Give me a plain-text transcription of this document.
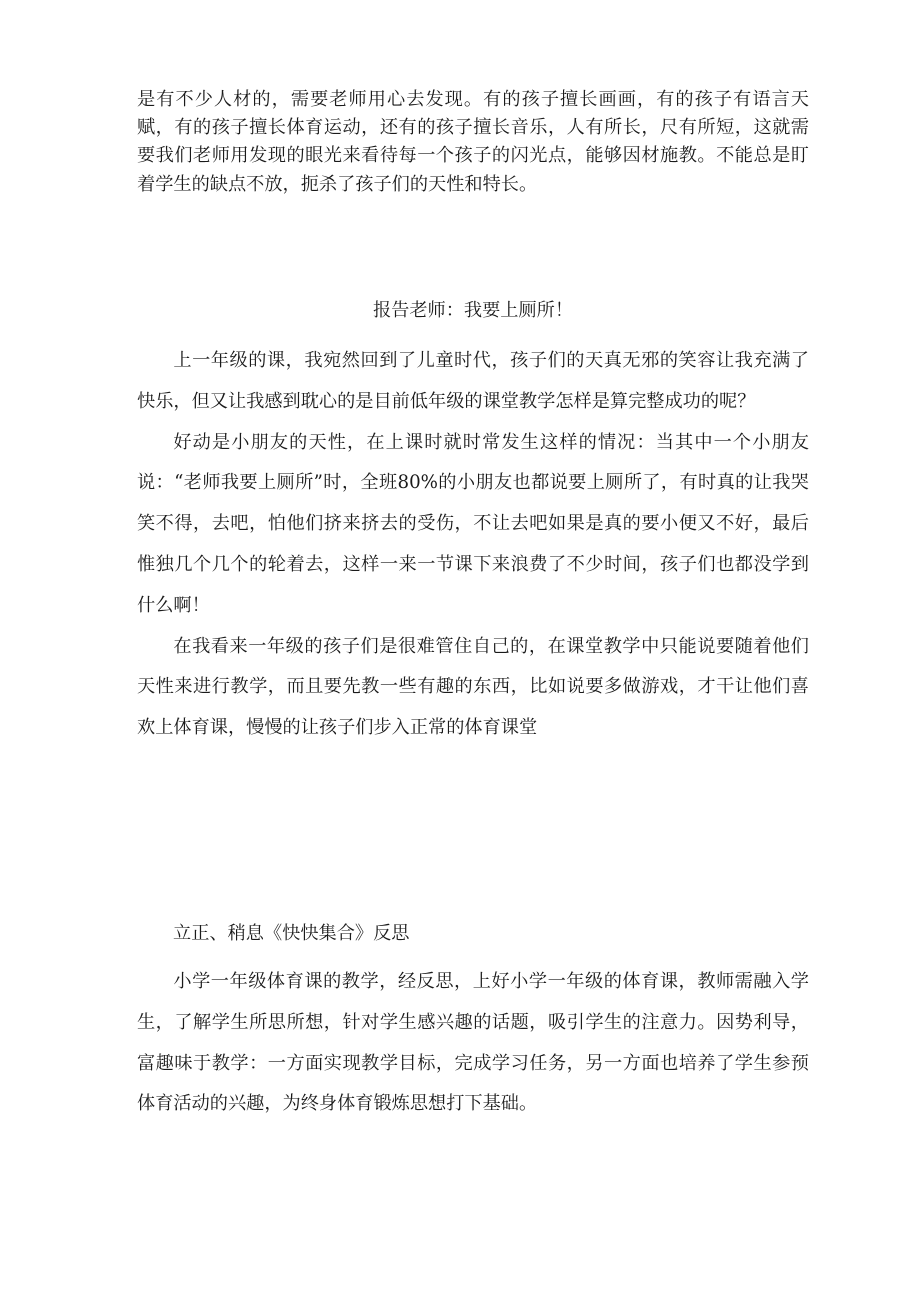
是有不少人材的，需要老师用心去发现。有的孩子擅长画画，有的孩子有语言天赋，有的孩子擅长体育运动，还有的孩子擅长音乐，人有所长，尺有所短，这就需要我们老师用发现的眼光来看待每一个孩子的闪光点，能够因材施教。不能总是盯着学生的缺点不放，扼杀了孩子们的天性和特长。

报告老师：我要上厕所！

上一年级的课，我宛然回到了儿童时代，孩子们的天真无邪的笑容让我充满了快乐，但又让我感到耽心的是目前低年级的课堂教学怎样是算完整成功的呢？

好动是小朋友的天性，在上课时就时常发生这样的情况：当其中一个小朋友说：“老师我要上厕所”时，全班80%的小朋友也都说要上厕所了，有时真的让我哭笑不得，去吧，怕他们挤来挤去的受伤，不让去吧如果是真的要小便又不好，最后惟独几个几个的轮着去，这样一来一节课下来浪费了不少时间，孩子们也都没学到什么啊！

在我看来一年级的孩子们是很难管住自己的，在课堂教学中只能说要随着他们天性来进行教学，而且要先教一些有趣的东西，比如说要多做游戏，才干让他们喜欢上体育课，慢慢的让孩子们步入正常的体育课堂

立正、稍息《快快集合》反思

小学一年级体育课的教学，经反思，上好小学一年级的体育课，教师需融入学生，了解学生所思所想，针对学生感兴趣的话题，吸引学生的注意力。因势利导，富趣味于教学：一方面实现教学目标，完成学习任务，另一方面也培养了学生参预体育活动的兴趣，为终身体育锻炼思想打下基础。
